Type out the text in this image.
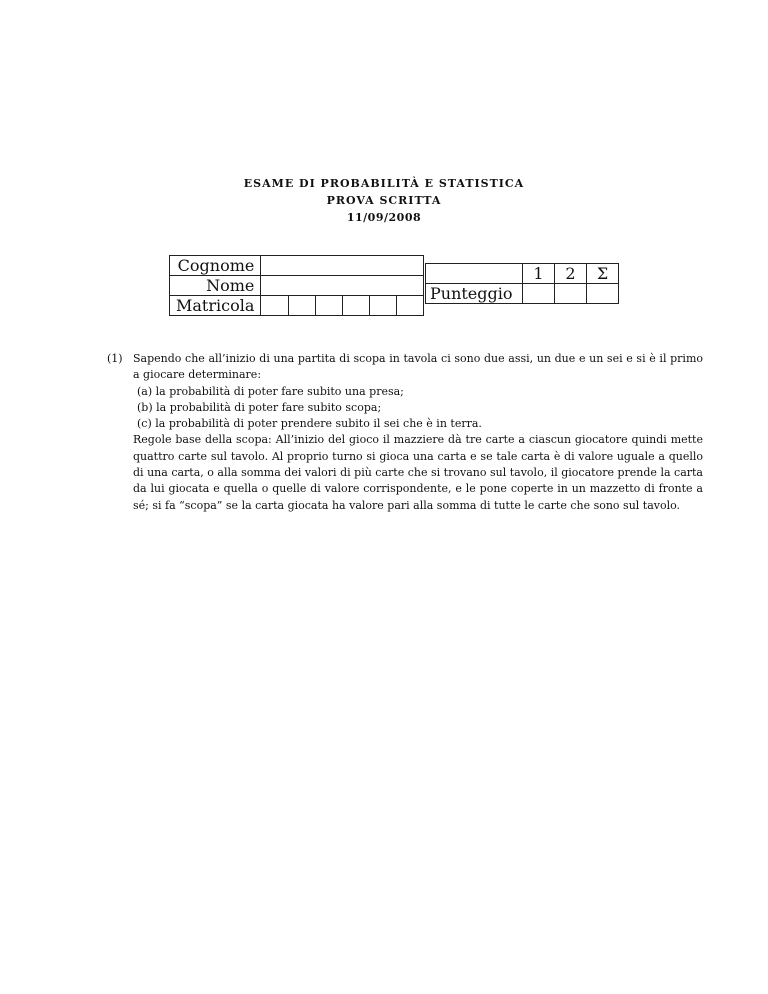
ESAME DI PROBABILITÀ E STATISTICA
PROVA SCRITTA
11/09/2008
Cognome						
Nome						
Matricola						
	1	2	Σ
Punteggio			
(1) Sapendo che all’inizio di una partita di scopa in tavola ci sono due assi, un due e un sei e si è il primo a giocare determinare:
(a) la probabilità di poter fare subito una presa;
(b) la probabilità di poter fare subito scopa;
(c) la probabilità di poter prendere subito il sei che è in terra.
Regole base della scopa: All’inizio del gioco il mazziere dà tre carte a ciascun giocatore quindi mette quattro carte sul tavolo. Al proprio turno si gioca una carta e se tale carta è di valore uguale a quello di una carta, o alla somma dei valori di più carte che si trovano sul tavolo, il giocatore prende la carta da lui giocata e quella o quelle di valore corrispondente, e le pone coperte in un mazzetto di fronte a sé; si fa “scopa” se la carta giocata ha valore pari alla somma di tutte le carte che sono sul tavolo.
